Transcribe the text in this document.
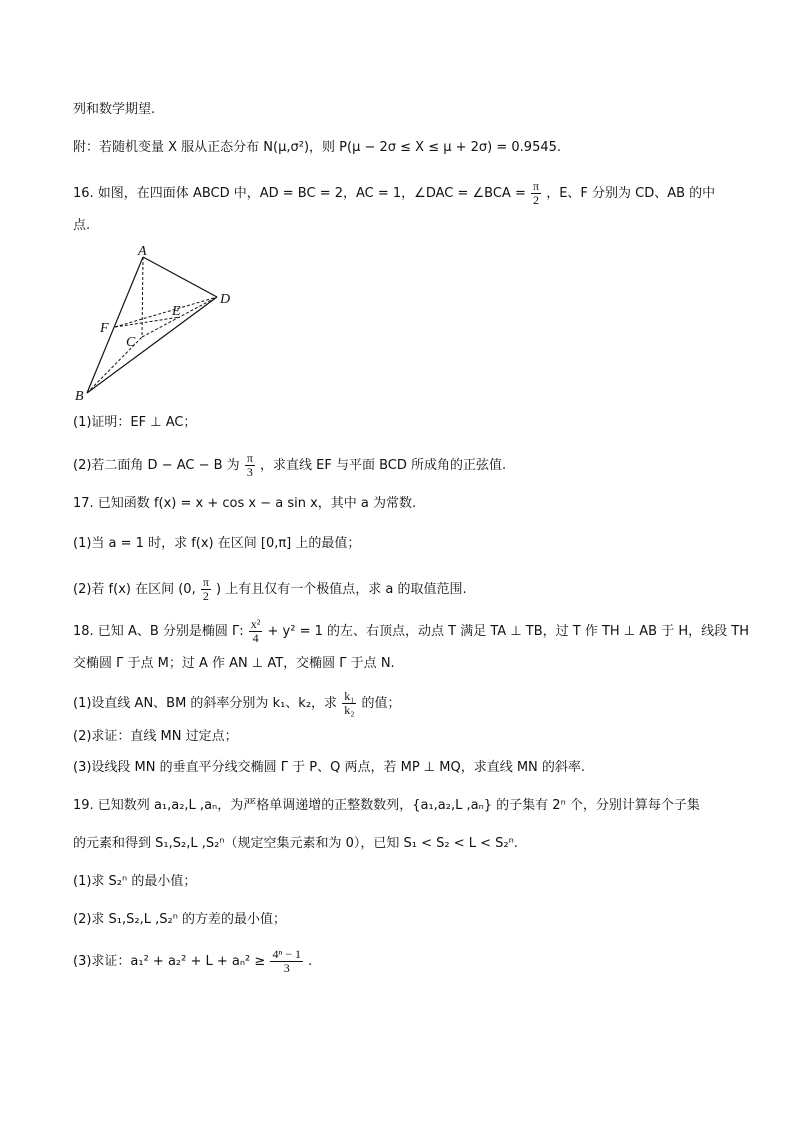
列和数学期望.
附：若随机变量 X 服从正态分布 N(μ,σ²)，则 P(μ − 2σ ≤ X ≤ μ + 2σ) = 0.9545.
16. 如图，在四面体 ABCD 中，AD = BC = 2，AC = 1，∠DAC = ∠BCA = $\frac{\pi}{2}$ ，E、F 分别为 CD、AB 的中
点.
A
B
C
D
E
F
(1)证明：EF ⊥ AC；
(2)若二面角 D − AC − B 为 $\frac{\pi}{3}$ ，求直线 EF 与平面 BCD 所成角的正弦值.
17. 已知函数 f(x) = x + cos x − a sin x，其中 a 为常数.
(1)当 a = 1 时，求 f(x) 在区间 [0,π] 上的最值；
(2)若 f(x) 在区间 (0, $\frac{\pi}{2}$ ) 上有且仅有一个极值点，求 a 的取值范围.
18. 已知 A、B 分别是椭圆 Γ: $\frac{\text{x²}}{4} + y^2 = 1$ 的左、右顶点，动点 T 满足 TA ⊥ TB，过 T 作 TH ⊥ AB 于 H，线段 TH
交椭圆 Γ 于点 M；过 A 作 AN ⊥ AT，交椭圆 Γ 于点 N.
(1)设直线 AN、BM 的斜率分别为 k₁、k₂，求 $\frac{\text{k₁}}{\text{k₂}}$ 的值；
(2)求证：直线 MN 过定点；
(3)设线段 MN 的垂直平分线交椭圆 Γ 于 P、Q 两点，若 MP ⊥ MQ，求直线 MN 的斜率.
19. 已知数列 a₁,a₂,L ,aₙ，为严格单调递增的正整数数列，{a₁,a₂,L ,aₙ} 的子集有 2ⁿ 个，分别计算每个子集
的元素和得到 S₁,S₂,L ,S₂ⁿ（规定空集元素和为 0），已知 S₁ < S₂ < L < S₂ⁿ.
(1)求 S₂ⁿ 的最小值；
(2)求 S₁,S₂,L ,S₂ⁿ 的方差的最小值；
(3)求证：$a_1^2 + a_2^2 + L + a_n^2 \ge \frac{\text{4ⁿ − 1}}{3}$ .
